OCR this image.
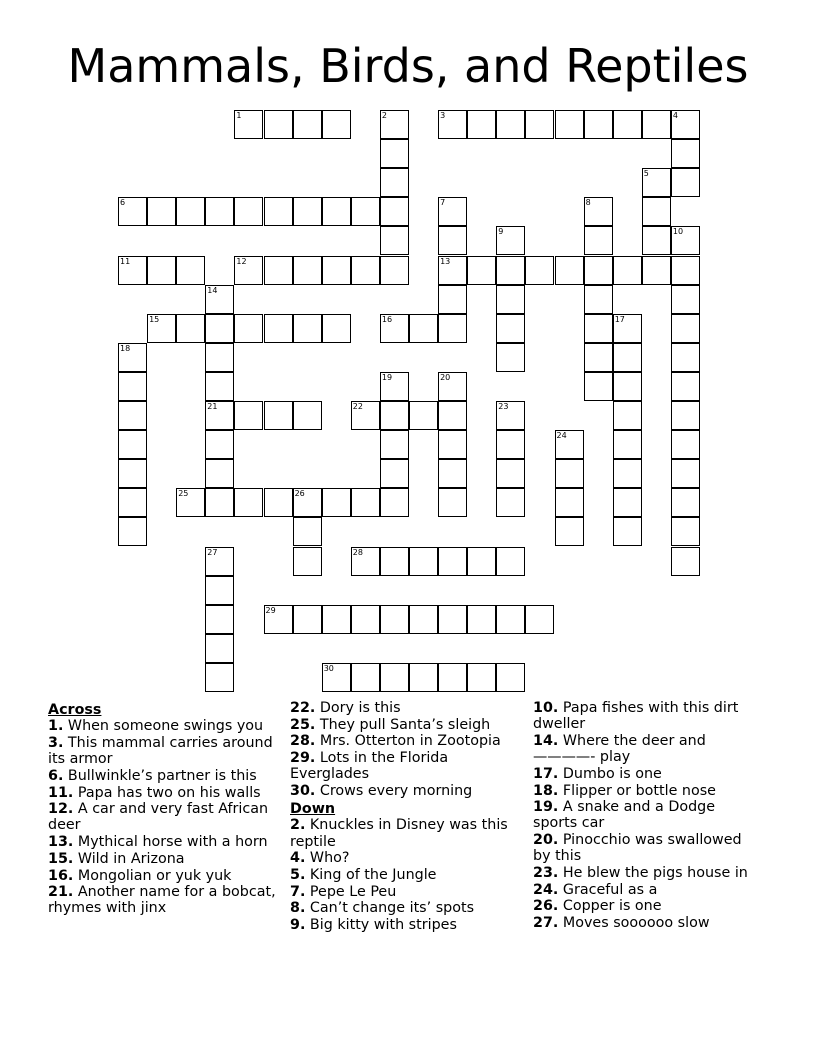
Mammals, Birds, and Reptiles
1	2	3	4
5
6	7	8
9	10
11	12	13
14
15	16	17
18
19	20
21	22	23
24
25	26
27	28
29
30
Across
1. When someone swings you
3. This mammal carries around its armor
6. Bullwinkle’s partner is this
11. Papa has two on his walls
12. A car and very fast African deer
13. Mythical horse with a horn
15. Wild in Arizona
16. Mongolian or yuk yuk
21. Another name for a bobcat, rhymes with jinx
22. Dory is this
25. They pull Santa’s sleigh
28. Mrs. Otterton in Zootopia
29. Lots in the Florida Everglades
30. Crows every morning
Down
2. Knuckles in Disney was this reptile
4. Who?
5. King of the Jungle
7. Pepe Le Peu
8. Can’t change its’ spots
9. Big kitty with stripes
10. Papa fishes with this dirt dweller
14. Where the deer and ————- play
17. Dumbo is one
18. Flipper or bottle nose
19. A snake and a Dodge sports car
20. Pinocchio was swallowed by this
23. He blew the pigs house in
24. Graceful as a
26. Copper is one
27. Moves soooooo slow
